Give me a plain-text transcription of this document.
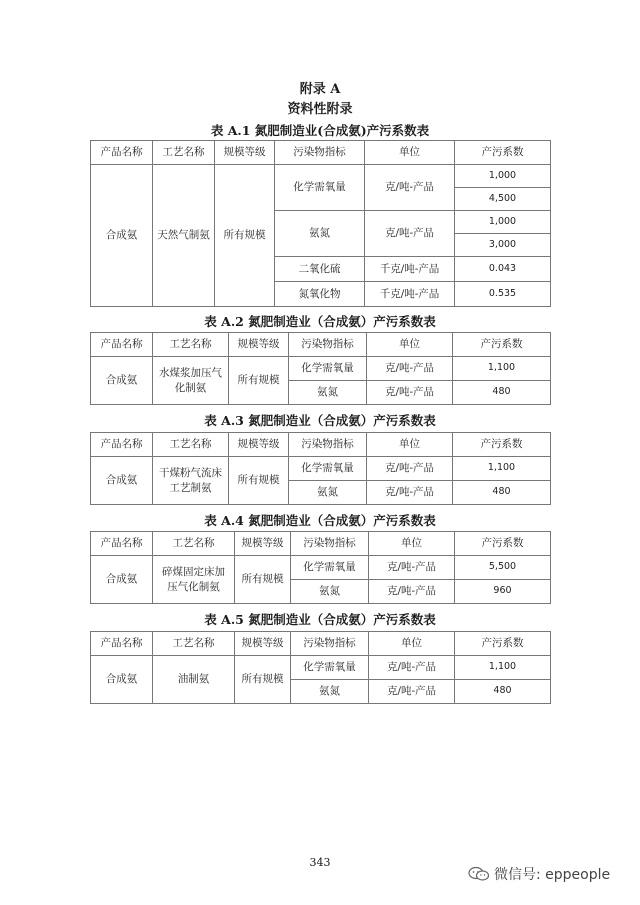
附录 A
资料性附录
表 A.1 氮肥制造业(合成氨)产污系数表
产品名称	工艺名称	规模等级	污染物指标	单位	产污系数
合成氨	天然气制氨	所有规模	化学需氧量	克/吨-产品	1,000
					4,500
			氨氮	克/吨-产品	1,000
					3,000
			二氧化硫	千克/吨-产品	0.043
			氮氧化物	千克/吨-产品	0.535
表 A.2 氮肥制造业（合成氨）产污系数表
产品名称	工艺名称	规模等级	污染物指标	单位	产污系数
合成氨	水煤浆加压气
化制氨	所有规模	化学需氧量	克/吨-产品	1,100
			氨氮	克/吨-产品	480
表 A.3 氮肥制造业（合成氨）产污系数表
产品名称	工艺名称	规模等级	污染物指标	单位	产污系数
合成氨	干煤粉气流床
工艺制氨	所有规模	化学需氧量	克/吨-产品	1,100
			氨氮	克/吨-产品	480
表 A.4 氮肥制造业（合成氨）产污系数表
产品名称	工艺名称	规模等级	污染物指标	单位	产污系数
合成氨	碎煤固定床加
压气化制氨	所有规模	化学需氧量	克/吨-产品	5,500
			氨氮	克/吨-产品	960
表 A.5 氮肥制造业（合成氨）产污系数表
产品名称	工艺名称	规模等级	污染物指标	单位	产污系数
合成氨	油制氨	所有规模	化学需氧量	克/吨-产品	1,100
			氨氮	克/吨-产品	480
343
微信号: eppeople
